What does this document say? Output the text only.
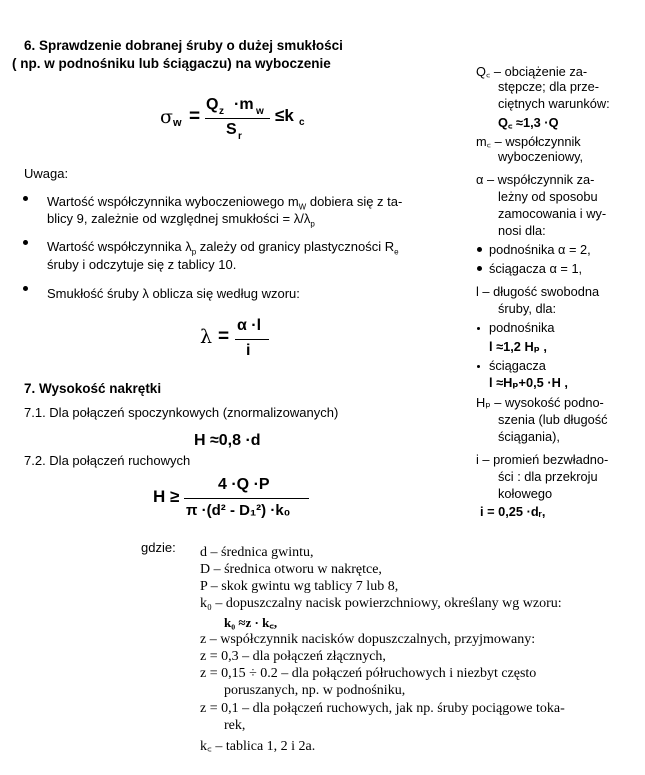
6. Sprawdzenie dobranej śruby o dużej smukłości
( np. w podnośniku lub ściągaczu) na wyboczenie
σ w =
Q z ·m w
S r
≤k c
Uwaga:
Wartość współczynnika wyboczeniowego $m_W$ dobiera się z ta-
blicy 9, zależnie od względnej smukłości = $\lambda/\lambda_p$
Wartość współczynnika $\lambda_p$ zależy od granicy plastyczności $R_e$
śruby i odczytuje się z tablicy 10.
Smukłość śruby λ oblicza się według wzoru:
λ =
α ·l
i
7. Wysokość nakrętki
7.1. Dla połączeń spoczynkowych (znormalizowanych)
H ≈0,8 ·d
7.2. Dla połączeń ruchowych
H ≥
4 ·Q ·P
π ·(d² - D₁²) ·k₀
gdzie: d – średnica gwintu,
D – średnica otworu w nakrętce,
P – skok gwintu wg tablicy 7 lub 8,
k₀ – dopuszczalny nacisk powierzchniowy, określany wg wzoru:
k₀ ≈z · k꜀,
z – współczynnik nacisków dopuszczalnych, przyjmowany:
z = 0,3 – dla połączeń złącznych,
z = 0,15 ÷ 0.2 – dla połączeń półruchowych i niezbyt często
poruszanych, np. w podnośniku,
z = 0,1 – dla połączeń ruchowych, jak np. śruby pociągowe toka-
rek,
k꜀ – tablica 1, 2 i 2a.
Q꜀ – obciążenie za-
stępcze; dla prze-
ciętnych warunków:
Q꜀ ≈1,3 ·Q
m꜀ – współczynnik
wyboczeniowy,
α – współczynnik za-
leżny od sposobu
zamocowania i wy-
nosi dla:
podnośnika α = 2,
ściągacza α = 1,
l – długość swobodna
śruby, dla:
podnośnika
l ≈1,2 Hₚ ,
ściągacza
l ≈Hₚ+0,5 ·H ,
Hₚ – wysokość podno-
szenia (lub długość
ściągania),
i – promień bezwładno-
ści : dla przekroju
kołowego
i = 0,25 ·dᵣ,
